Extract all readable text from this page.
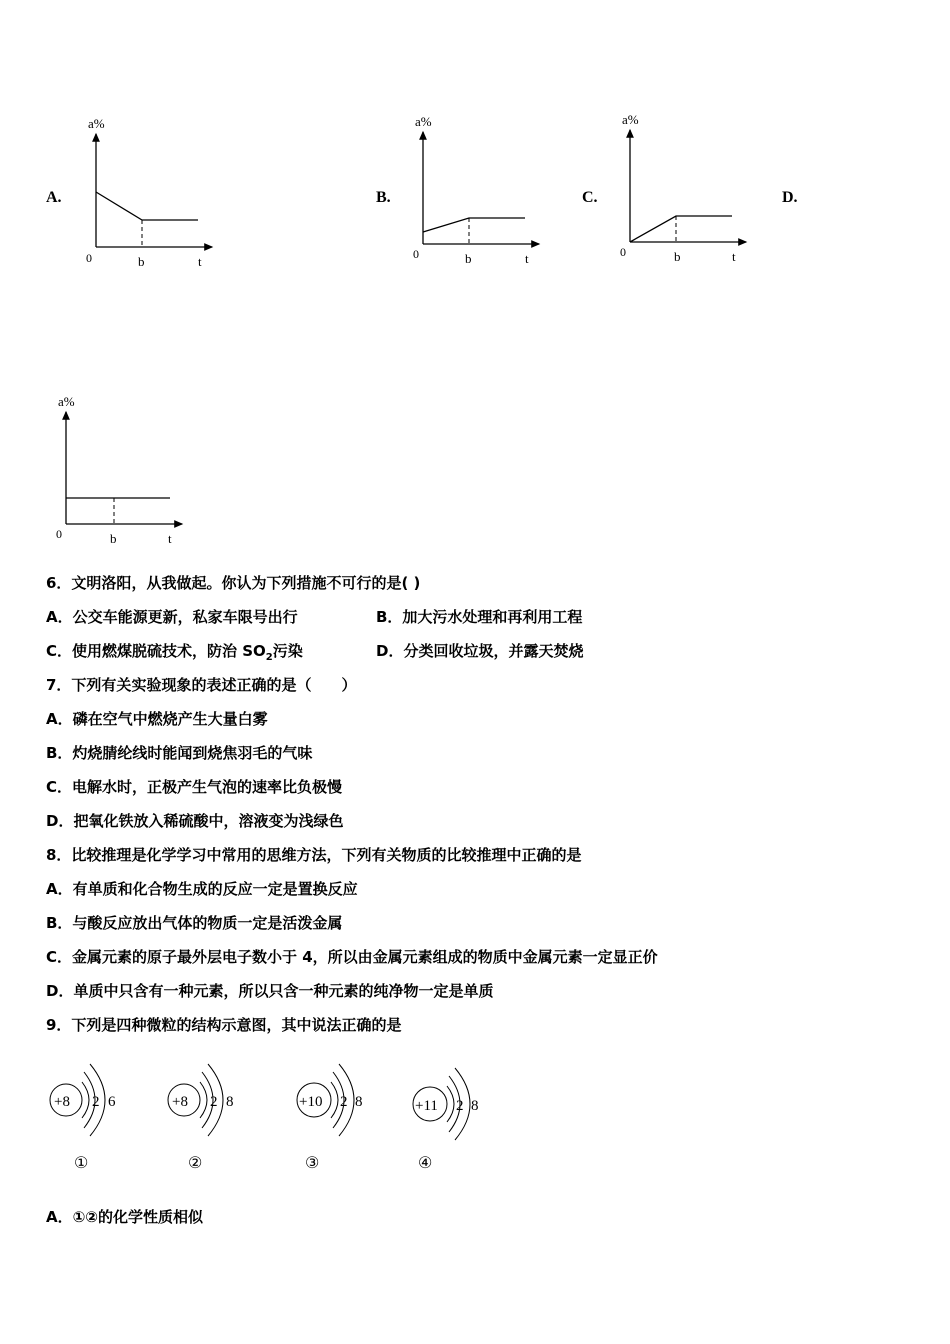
A.	B.	C.	D.
a%
0	b	t
a%
0	b	t
a%
0	b	t
a%
0	b	t
6．文明洛阳，从我做起。你认为下列措施不可行的是( )
A．公交车能源更新，私家车限号出行	B．加大污水处理和再利用工程
C．使用燃煤脱硫技术，防治 $SO_2$污染	D．分类回收垃圾，并露天焚烧
7．下列有关实验现象的表述正确的是（　　）
A．磷在空气中燃烧产生大量白雾
B．灼烧腈纶线时能闻到烧焦羽毛的气味
C．电解水时，正极产生气泡的速率比负极慢
D．把氧化铁放入稀硫酸中，溶液变为浅绿色
8．比较推理是化学学习中常用的思维方法，下列有关物质的比较推理中正确的是
A．有单质和化合物生成的反应一定是置换反应
B．与酸反应放出气体的物质一定是活泼金属
C．金属元素的原子最外层电子数小于 4，所以由金属元素组成的物质中金属元素一定显正价
D．单质中只含有一种元素，所以只含一种元素的纯净物一定是单质
9．下列是四种微粒的结构示意图，其中说法正确的是
+8 2 6
①
+8 2 8
②
+10 2 8
③
+11 2 8
④
A．①②的化学性质相似
